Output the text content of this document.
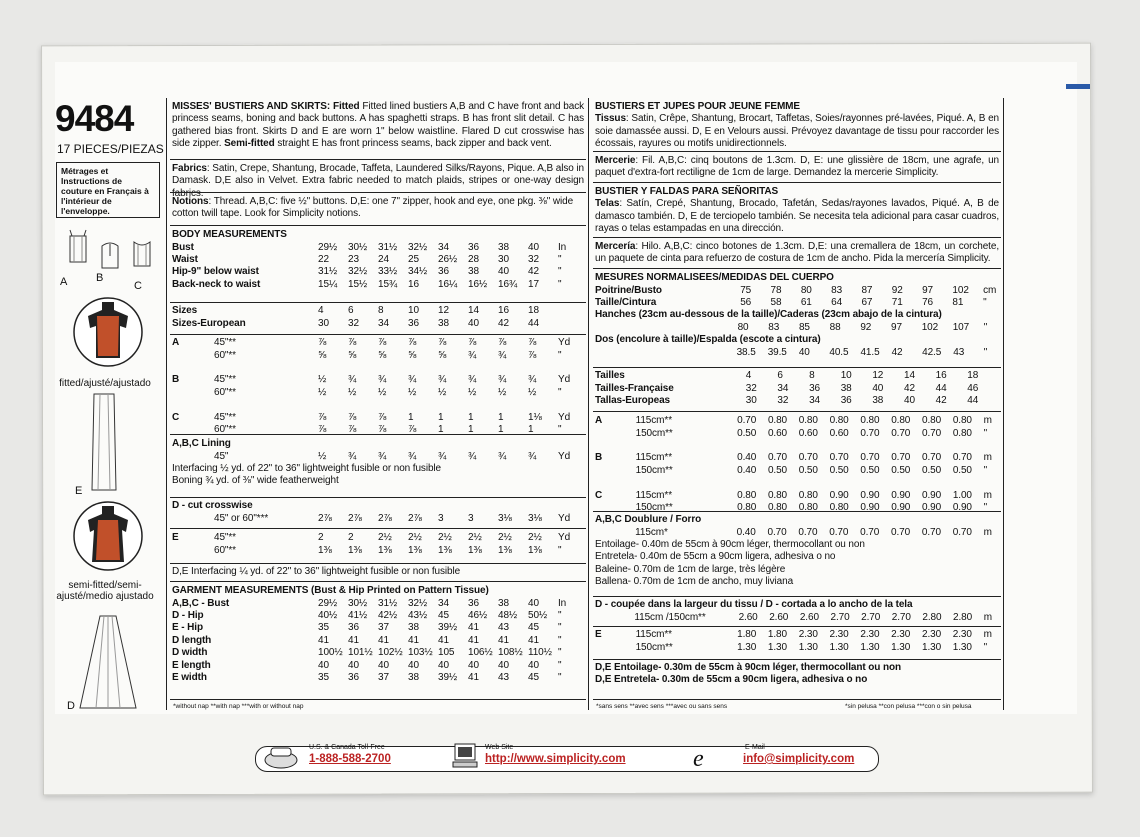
9484
17 PIECES/PIEZAS
Métrages et Instructions de couture en Français à l'intérieur de l'enveloppe.
A	B
C
fitted/ajusté/ajustado
E
semi-fitted/semi-ajusté/medio ajustado
D

MISSES' BUSTIERS AND SKIRTS: Fitted Fitted lined bustiers A,B and C have front and back princess seams, boning and back buttons. A has spaghetti straps. B has front slit detail. C has gathered bias front. Skirts D and E are worn 1" below waistline. Flared D cut crosswise has side zipper. Semi-fitted straight E has front princess seams, back zipper and back vent.

Fabrics: Satin, Crepe, Shantung, Brocade, Taffeta, Laundered Silks/Rayons, Pique. A,B also in Damask. D,E also in Velvet. Extra fabric needed to match plaids, stripes or one-way design fabrics.
Notions: Thread. A,B,C: five ½" buttons. D,E: one 7" zipper, hook and eye, one pkg. ⅜" wide cotton twill tape. Look for Simplicity notions.
BODY MEASUREMENTS
Bust	29½	30½	31½	32½	34	36	38	40	In
Waist	22	23	24	25	26½	28	30	32	"
Hip-9" below waist	31½	32½	33½	34½	36	38	40	42	"
Back-neck to waist	15¼	15½	15¾	16	16¼	16½	16¾	17	"
Sizes	4	6	8	10	12	14	16	18
Sizes-European	30	32	34	36	38	40	42	44
A	45"**	⅞	⅞	⅞	⅞	⅞	⅞	⅞	⅞	Yd
	60"**	⅝	⅝	⅝	⅝	⅝	¾	¾	⅞	"

B	45"**	½	¾	¾	¾	¾	¾	¾	¾	Yd
	60"**	½	½	½	½	½	½	½	½	"

C	45"**	⅞	⅞	⅞	1	1	1	1	1⅛	Yd
	60"**	⅞	⅞	⅞	⅞	1	1	1	1	"

A,B,C Lining
	45"	½	¾	¾	¾	¾	¾	¾	¾	Yd
Interfacing ½ yd. of 22" to 36" lightweight fusible or non fusible
Boning ¾ yd. of ⅜" wide featherweight
D - cut crosswise
	45" or 60"***	2⅞	2⅞	2⅞	2⅞	3	3	3⅛	3⅛	Yd
E	45"**	2	2	2½	2½	2½	2½	2½	2½	Yd
	60"**	1⅜	1⅜	1⅜	1⅜	1⅜	1⅜	1⅜	1⅜	"
D,E Interfacing ¼ yd. of 22" to 36" lightweight fusible or non fusible
GARMENT MEASUREMENTS (Bust & Hip Printed on Pattern Tissue)
A,B,C - Bust	29½	30½	31½	32½	34	36	38	40	In
D - Hip	40½	41½	42½	43½	45	46½	48½	50½	"
E - Hip	35	36	37	38	39½	41	43	45	"
D length	41	41	41	41	41	41	41	41	"
D width	100½	101½	102½	103½	105	106½	108½	110½	"
E length	40	40	40	40	40	40	40	40	"
E width	35	36	37	38	39½	41	43	45	"
*without nap **with nap ***with or without nap
BUSTIERS ET JUPES POUR JEUNE FEMME

Tissus: Satin, Crêpe, Shantung, Brocart, Taffetas, Soies/rayonnes pré-lavées, Piqué. A, B en soie damassée aussi. D, E en Velours aussi. Prévoyez davantage de tissu pour raccorder les écossais, rayures ou motifs unidirectionnels.

Mercerie: Fil. A,B,C: cinq boutons de 1.3cm. D, E: une glissière de 18cm, une agrafe, un paquet d'extra-fort rectiligne de 1cm de large. Demandez la mercerie Simplicity.
BUSTIER Y FALDAS PARA SEÑORITAS

Telas: Satín, Crepé, Shantung, Brocado, Tafetán, Sedas/rayones lavados, Piqué. A, B de damasco también. D, E de terciopelo también. Se necesita tela adicional para casar cuadros, rayas o telas estampadas en una dirección.

Mercería: Hilo. A,B,C: cinco botones de 1.3cm. D,E: una cremallera de 18cm, un corchete, un paquete de cinta para refuerzo de costura de 1cm de ancho. Pida la mercería Simplicity.
MESURES NORMALISEES/MEDIDAS DEL CUERPO
Poitrine/Busto	75	78	80	83	87	92	97	102	cm
Taille/Cintura	56	58	61	64	67	71	76	81	"
Hanches (23cm au-dessous de la taille)/Caderas (23cm abajo de la cintura)
	80	83	85	88	92	97	102	107	"
Dos (encolure à taille)/Espalda (escote a cintura)
	38.5	39.5	40	40.5	41.5	42	42.5	43	"
Tailles	4	6	8	10	12	14	16	18
Tailles-Française	32	34	36	38	40	42	44	46
Tallas-Europeas	30	32	34	36	38	40	42	44
A	115cm**	0.70	0.80	0.80	0.80	0.80	0.80	0.80	0.80	m
	150cm**	0.50	0.60	0.60	0.60	0.70	0.70	0.70	0.80	"

B	115cm**	0.40	0.70	0.70	0.70	0.70	0.70	0.70	0.70	m
	150cm**	0.40	0.50	0.50	0.50	0.50	0.50	0.50	0.50	"

C	115cm**	0.80	0.80	0.80	0.90	0.90	0.90	0.90	1.00	m
	150cm**	0.80	0.80	0.80	0.80	0.90	0.90	0.90	0.90	"

A,B,C Doublure / Forro
	115cm*	0.40	0.70	0.70	0.70	0.70	0.70	0.70	0.70	m
Entoilage- 0.40m de 55cm à 90cm léger, thermocollant ou non
Entretela- 0.40m de 55cm a 90cm ligera, adhesiva o no
Baleine- 0.70m de 1cm de large, très légère
Ballena- 0.70m de 1cm de ancho, muy liviana
D - coupée dans la largeur du tissu / D - cortada a lo ancho de la tela
	115cm /150cm**	2.60	2.60	2.60	2.70	2.70	2.70	2.80	2.80	m
E	115cm**	1.80	1.80	2.30	2.30	2.30	2.30	2.30	2.30	m
	150cm**	1.30	1.30	1.30	1.30	1.30	1.30	1.30	1.30	"
D,E Entoilage- 0.30m de 55cm à 90cm léger, thermocollant ou non
D,E Entretela- 0.30m de 55cm a 90cm ligera, adhesiva o no
*sans sens **avec sens ***avec ou sans sens	*sin pelusa **con pelusa ***con o sin pelusa
U.S. & Canada Toll-Free
1-888-588-2700
Web Site
http://www.simplicity.com	e	E-Mail
info@simplicity.com
